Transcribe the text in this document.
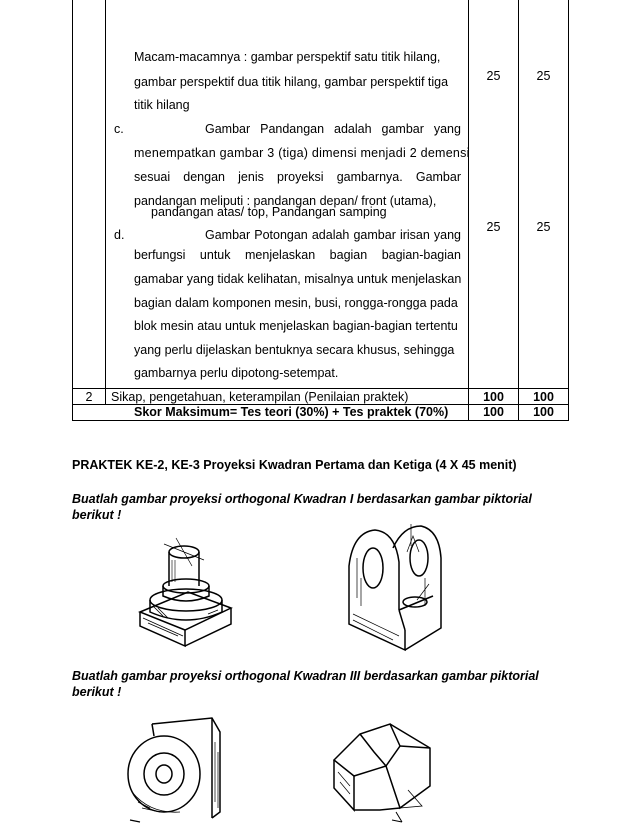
Macam-macamnya : gambar perspektif satu titik hilang,
gambar perspektif dua titik hilang, gambar perspektif tiga
titik hilang
c.	Gambar Pandangan adalah gambar yang
menempatkan gambar 3 (tiga) dimensi menjadi 2 demensi
sesuai dengan jenis proyeksi gambarnya. Gambar
pandangan meliputi : pandangan depan/ front (utama),
pandangan atas/ top, Pandangan samping
d.	Gambar Potongan adalah gambar irisan yang
berfungsi untuk menjelaskan bagian bagian-bagian
gamabar yang tidak kelihatan, misalnya untuk menjelaskan
bagian dalam komponen mesin, busi, rongga-rongga pada
blok mesin atau untuk menjelaskan bagian-bagian tertentu
yang perlu dijelaskan bentuknya secara khusus, sehingga
gambarnya perlu dipotong-setempat.
25	25
25	25
2	Sikap, pengetahuan, keterampilan (Penilaian praktek)	100	100
Skor Maksimum= Tes teori (30%) + Tes praktek (70%)	100	100
PRAKTEK KE-2, KE-3 Proyeksi Kwadran Pertama dan Ketiga (4 X 45 menit)
Buatlah gambar proyeksi orthogonal Kwadran I berdasarkan gambar piktorial
berikut !
Buatlah gambar proyeksi orthogonal Kwadran III berdasarkan gambar piktorial
berikut !
